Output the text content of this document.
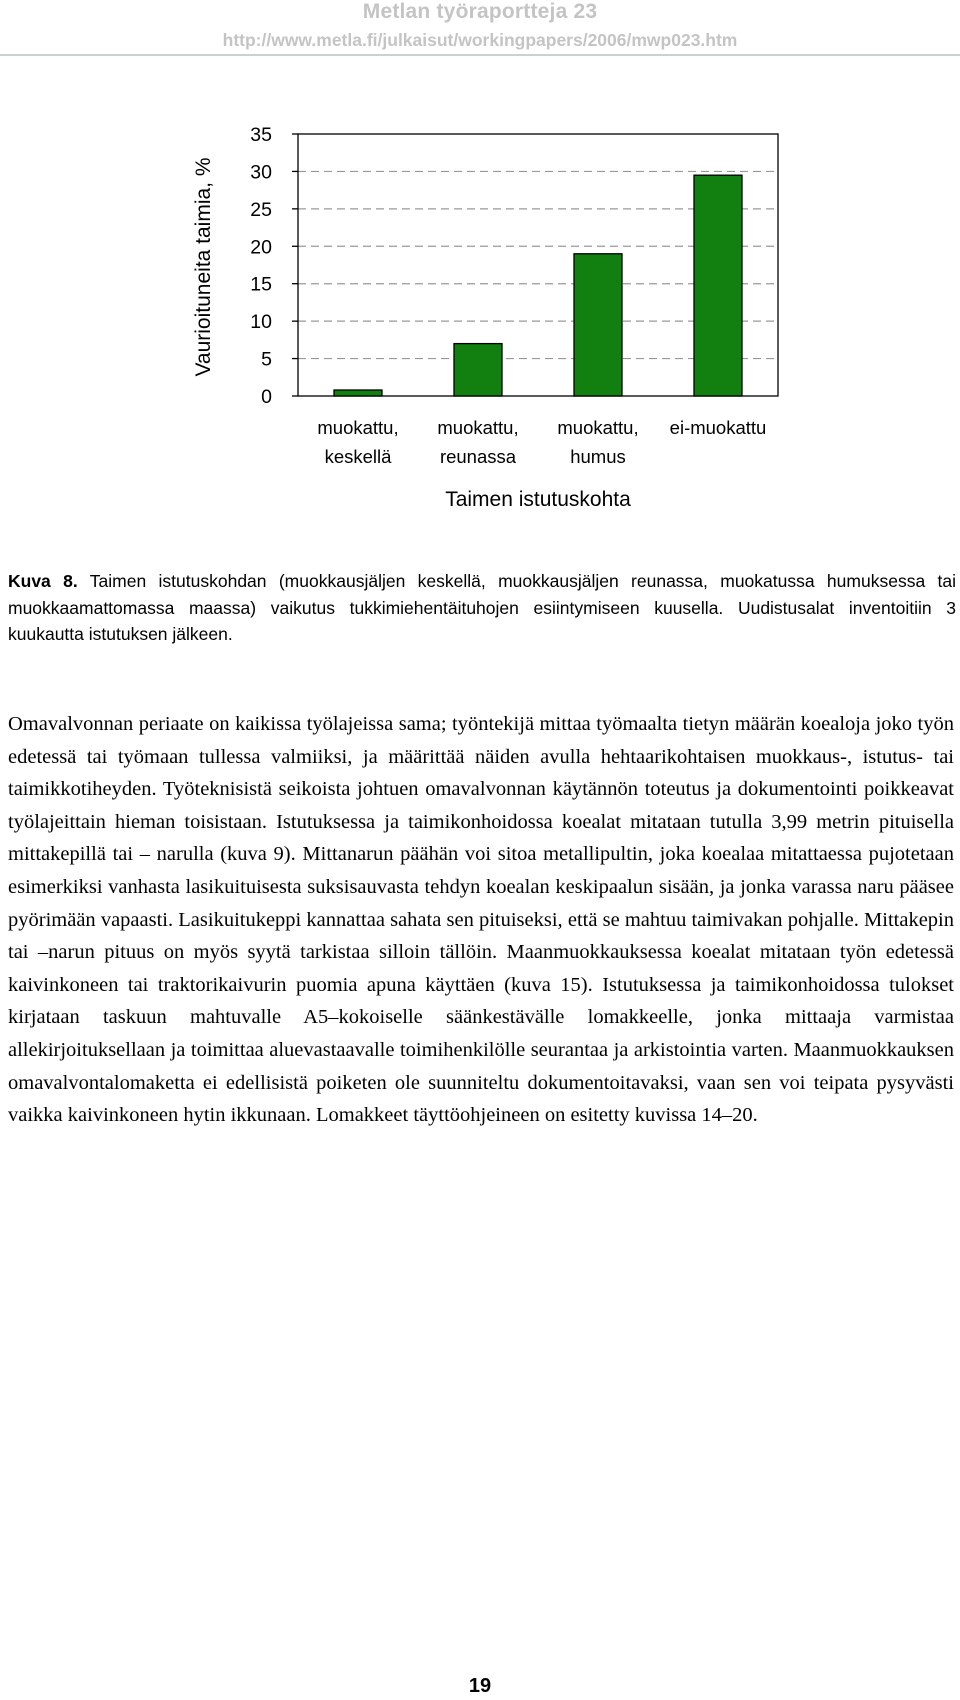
Metlan työraportteja 23
http://www.metla.fi/julkaisut/workingpapers/2006/mwp023.htm
0
5
10
15
20
25
30
35
muokattu,
keskellä
muokattu,
reunassa
muokattu,
humus
ei-muokattu
Taimen istutuskohta
Vaurioituneita taimia, %
Kuva 8. Taimen istutuskohdan (muokkausjäljen keskellä, muokkausjäljen reunassa, muokatussa humuksessa tai muokkaamattomassa maassa) vaikutus tukkimiehentäituhojen esiintymiseen kuusella. Uudistusalat inventoitiin 3 kuukautta istutuksen jälkeen.
Omavalvonnan periaate on kaikissa työlajeissa sama; työntekijä mittaa työmaalta tietyn määrän koealoja joko työn edetessä tai työmaan tullessa valmiiksi, ja määrittää näiden avulla hehtaarikohtaisen muokkaus-, istutus- tai taimikkotiheyden. Työteknisistä seikoista johtuen omavalvonnan käytännön toteutus ja dokumentointi poikkeavat työlajeittain hieman toisistaan. Istutuksessa ja taimikonhoidossa koealat mitataan tutulla 3,99 metrin pituisella mittakepillä tai – narulla (kuva 9). Mittanarun päähän voi sitoa metallipultin, joka koealaa mitattaessa pujotetaan esimerkiksi vanhasta lasikuituisesta suksisauvasta tehdyn koealan keskipaalun sisään, ja jonka varassa naru pääsee pyörimään vapaasti. Lasikuitukeppi kannattaa sahata sen pituiseksi, että se mahtuu taimivakan pohjalle. Mittakepin tai –narun pituus on myös syytä tarkistaa silloin tällöin. Maanmuokkauksessa koealat mitataan työn edetessä kaivinkoneen tai traktorikaivurin puomia apuna käyttäen (kuva 15). Istutuksessa ja taimikonhoidossa tulokset kirjataan taskuun mahtuvalle A5–kokoiselle säänkestävälle lomakkeelle, jonka mittaaja varmistaa allekirjoituksellaan ja toimittaa aluevastaavalle toimihenkilölle seurantaa ja arkistointia varten. Maanmuokkauksen omavalvontalomaketta ei edellisistä poiketen ole suunniteltu dokumentoitavaksi, vaan sen voi teipata pysyvästi vaikka kaivinkoneen hytin ikkunaan. Lomakkeet täyttöohjeineen on esitetty kuvissa 14–20.
19
